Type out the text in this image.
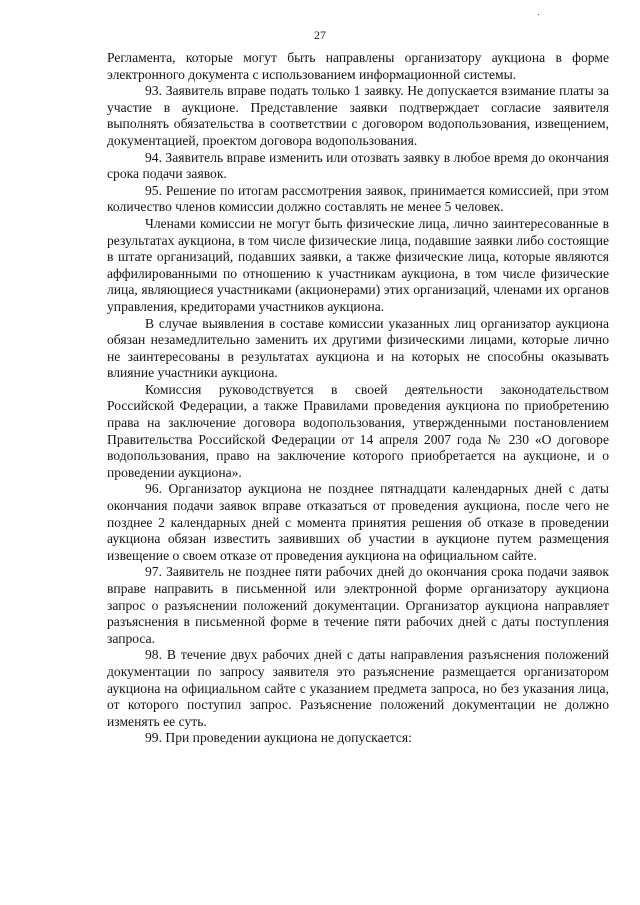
27

Регламента, которые могут быть направлены организатору аукциона в форме электронного документа с использованием информационной системы.

93. Заявитель вправе подать только 1 заявку. Не допускается взимание платы за участие в аукционе. Представление заявки подтверждает согласие заявителя выполнять обязательства в соответствии с договором водопользования, извещением, документацией, проектом договора водопользования.

94. Заявитель вправе изменить или отозвать заявку в любое время до окончания срока подачи заявок.

95. Решение по итогам рассмотрения заявок, принимается комиссией, при этом количество членов комиссии должно составлять не менее 5 человек.

Членами комиссии не могут быть физические лица, лично заинтересованные в результатах аукциона, в том числе физические лица, подавшие заявки либо состоящие в штате организаций, подавших заявки, а также физические лица, которые являются аффилированными по отношению к участникам аукциона, в том числе физические лица, являющиеся участниками (акционерами) этих организаций, членами их органов управления, кредиторами участников аукциона.

В случае выявления в составе комиссии указанных лиц организатор аукциона обязан незамедлительно заменить их другими физическими лицами, которые лично не заинтересованы в результатах аукциона и на которых не способны оказывать влияние участники аукциона.

Комиссия руководствуется в своей деятельности законодательством Российской Федерации, а также Правилами проведения аукциона по приобретению права на заключение договора водопользования, утвержденными постановлением Правительства Российской Федерации от 14 апреля 2007 года № 230 «О договоре водопользования, право на заключение которого приобретается на аукционе, и о проведении аукциона».

96. Организатор аукциона не позднее пятнадцати календарных дней с даты окончания подачи заявок вправе отказаться от проведения аукциона, после чего не позднее 2 календарных дней с момента принятия решения об отказе в проведении аукциона обязан известить заявивших об участии в аукционе путем размещения извещение о своем отказе от проведения аукциона на официальном сайте.

97. Заявитель не позднее пяти рабочих дней до окончания срока подачи заявок вправе направить в письменной или электронной форме организатору аукциона запрос о разъяснении положений документации. Организатор аукциона направляет разъяснения в письменной форме в течение пяти рабочих дней с даты поступления запроса.

98. В течение двух рабочих дней с даты направления разъяснения положений документации по запросу заявителя это разъяснение размещается организатором аукциона на официальном сайте с указанием предмета запроса, но без указания лица, от которого поступил запрос. Разъяснение положений документации не должно изменять ее суть.

99. При проведении аукциона не допускается:
